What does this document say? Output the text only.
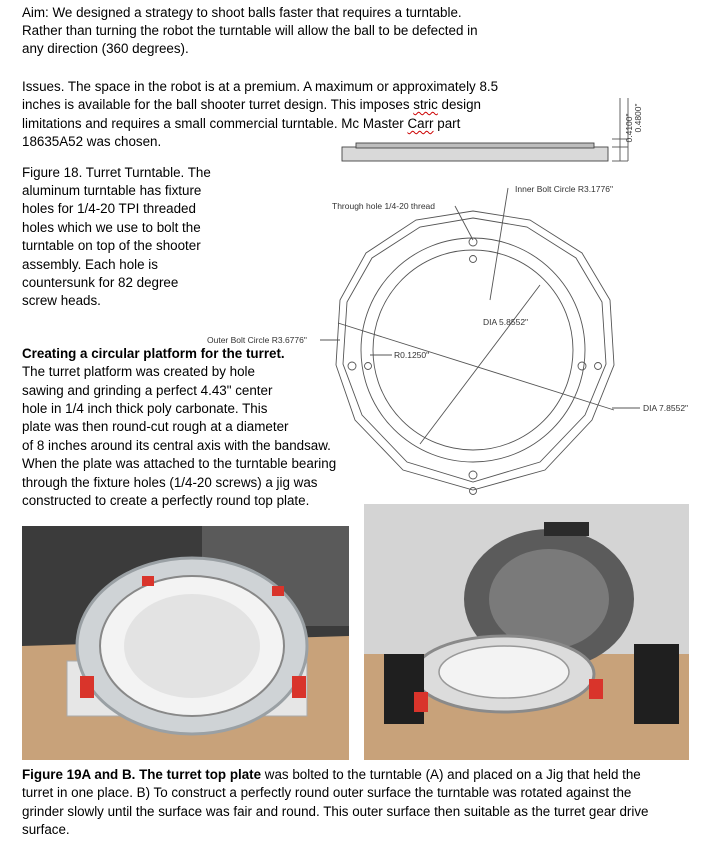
Aim: We designed a strategy to shoot balls faster that requires a turntable.
Rather than turning the robot the turntable will allow the ball to be defected in
any direction (360 degrees).
Issues. The space in the robot is at a premium. A maximum or approximately 8.5
inches is available for the ball shooter turret design. This imposes stric design
limitations and requires a small commercial turntable. Mc Master Carr part
18635A52 was chosen.
Figure 18. Turret Turntable. The
aluminum turntable has fixture
holes for 1/4-20 TPI threaded
holes which we use to bolt the
turntable on top of the shooter
assembly. Each hole is
countersunk for 82 degree
screw heads.
Creating a circular platform for the turret.
The turret platform was created by hole
sawing and grinding a perfect 4.43" center
hole in 1/4 inch thick poly carbonate. This
plate was then round-cut rough at a diameter
of 8 inches around its central axis with the bandsaw.
When the plate was attached to the turntable bearing
through the fixture holes (1/4-20 screws) a jig was
constructed to create a perfectly round top plate.
0.4100" 0.4800"
Through hole 1/4-20 thread
Inner Bolt Circle R3.1776"
DIA 5.8552"
Outer Bolt Circle R3.6776"
R0.1250"
DIA 7.8552"
Figure 19A and B. The turret top plate was bolted to the turntable (A) and placed on a Jig that held the
turret in one place. B) To construct a perfectly round outer surface the turntable was rotated against the
grinder slowly until the surface was fair and round. This outer surface then suitable as the turret gear drive
surface.
